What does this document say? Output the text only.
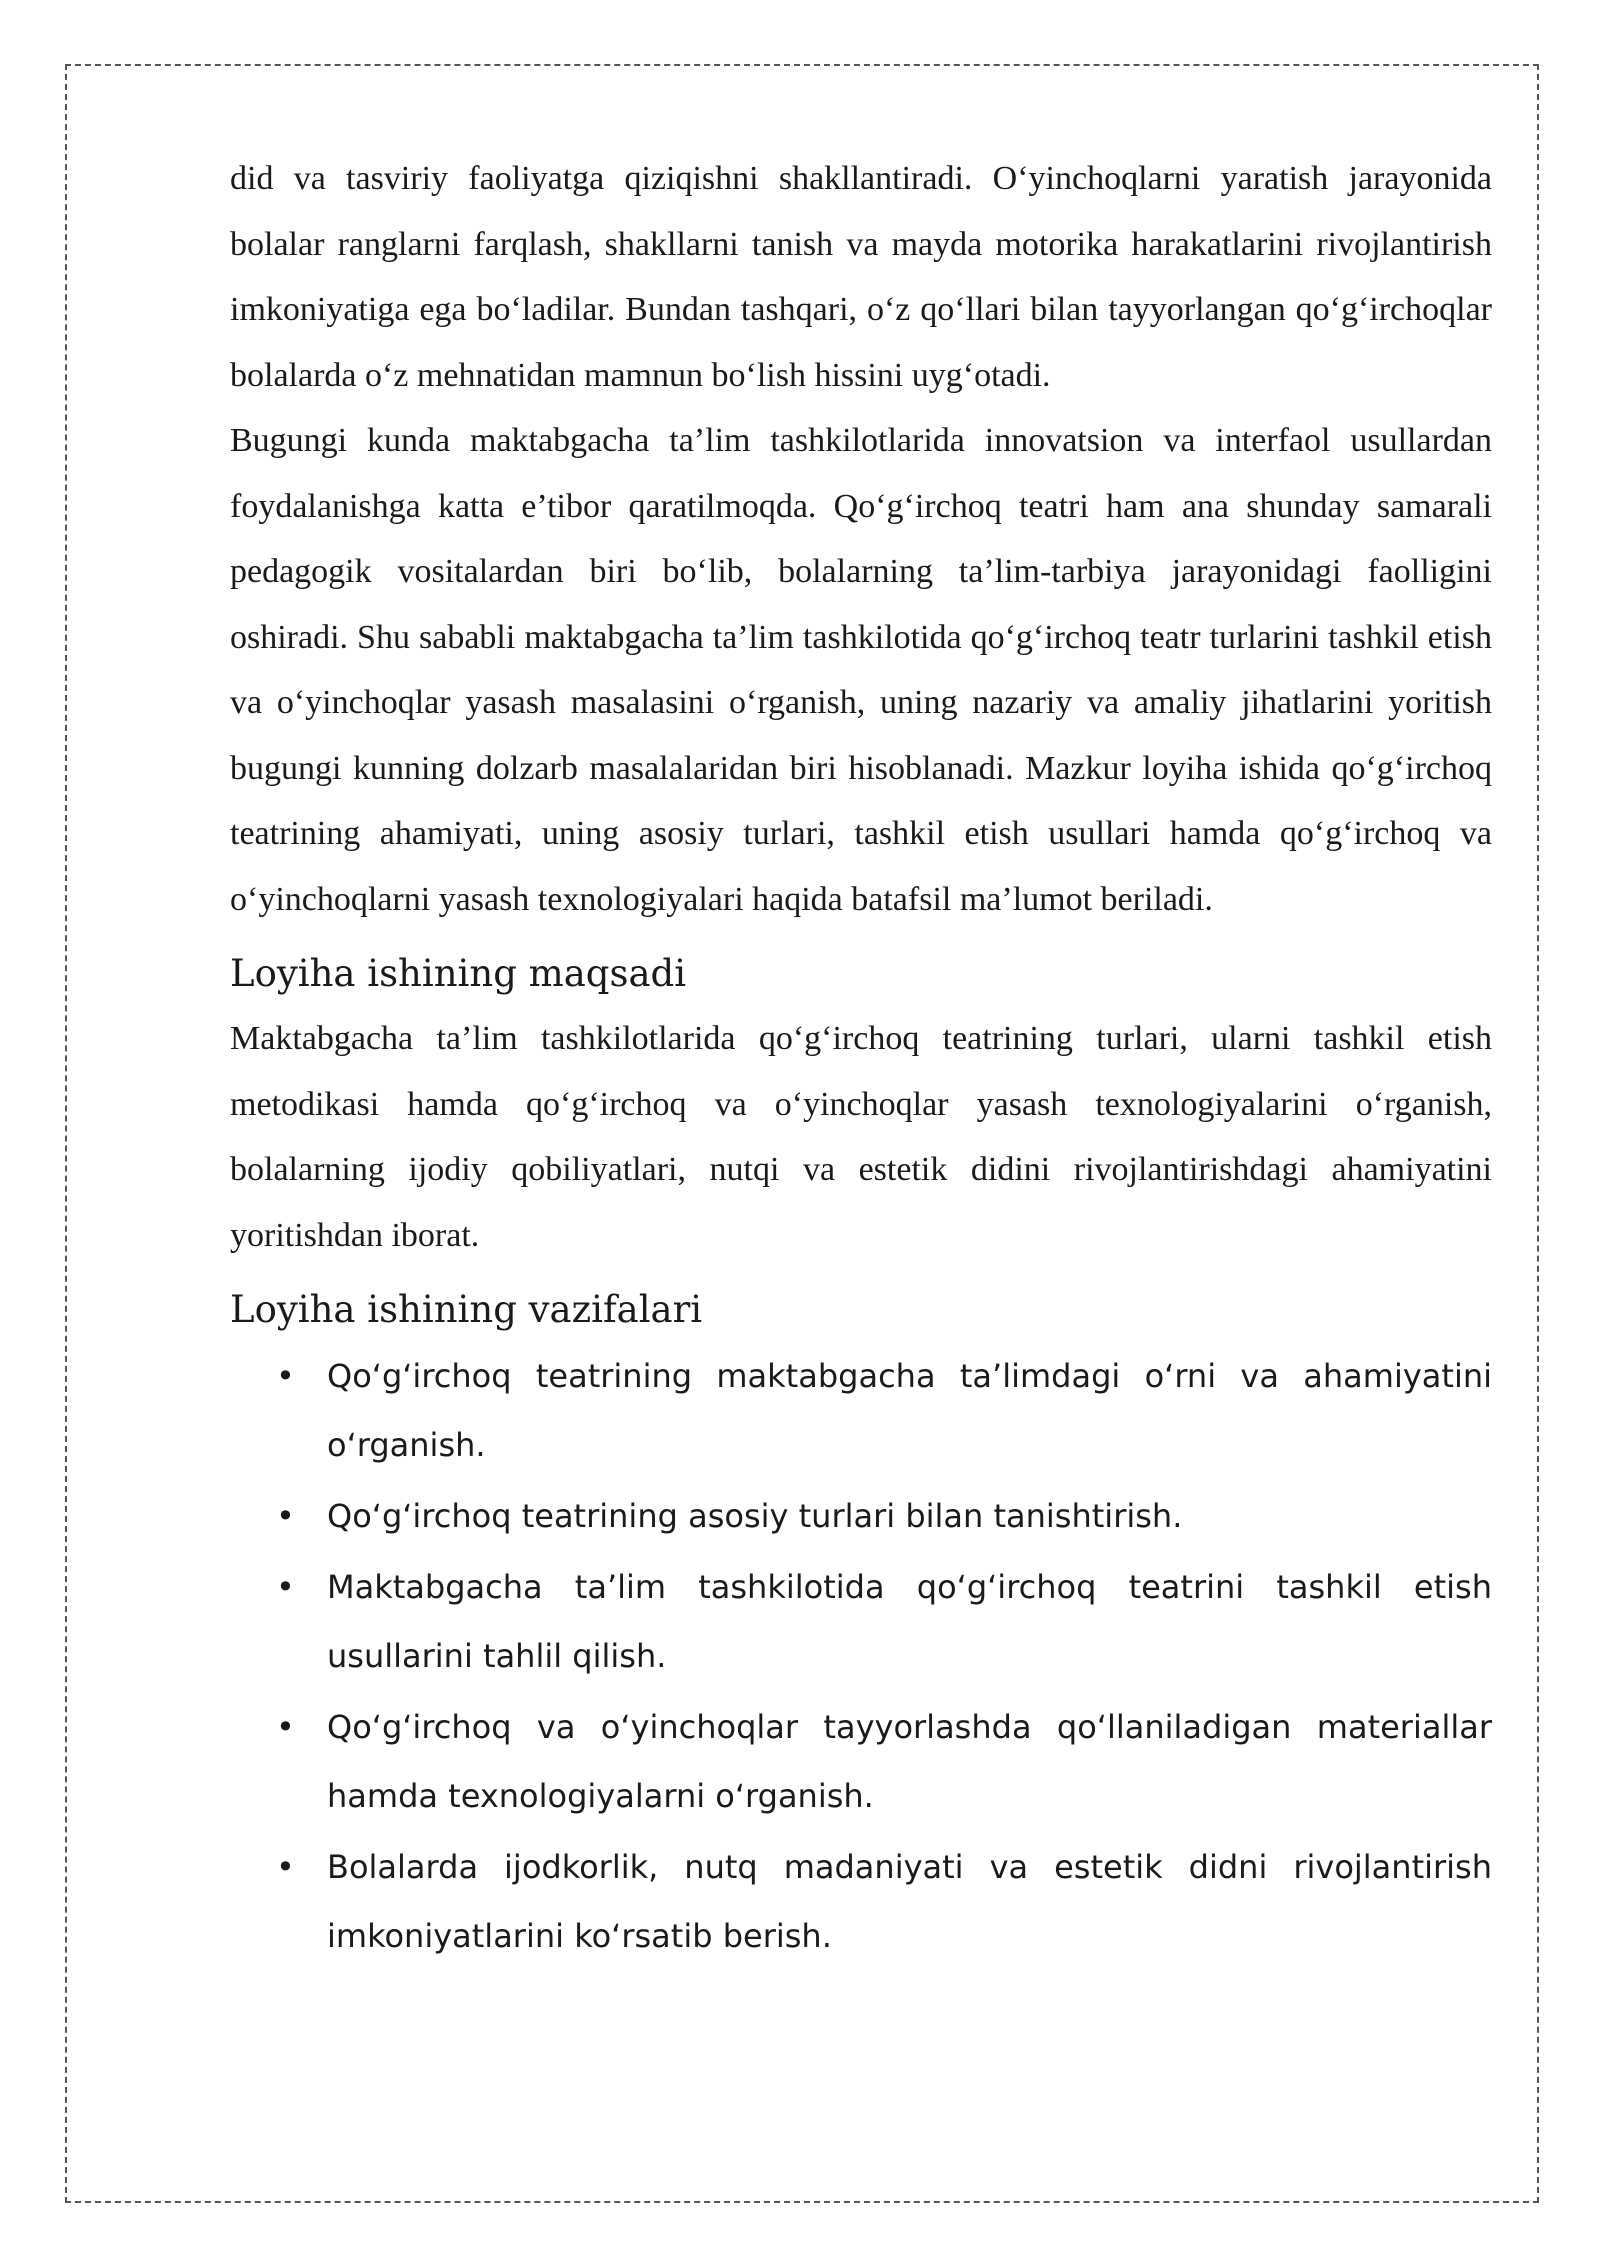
did va tasviriy faoliyatga qiziqishni shakllantiradi. O‘yinchoqlarni yaratish jarayonida bolalar ranglarni farqlash, shakllarni tanish va mayda motorika harakatlarini rivojlantirish imkoniyatiga ega bo‘ladilar. Bundan tashqari, o‘z qo‘llari bilan tayyorlangan qo‘g‘irchoqlar bolalarda o‘z mehnatidan mamnun bo‘lish hissini uyg‘otadi.

Bugungi kunda maktabgacha ta’lim tashkilotlarida innovatsion va interfaol usullardan foydalanishga katta e’tibor qaratilmoqda. Qo‘g‘irchoq teatri ham ana shunday samarali pedagogik vositalardan biri bo‘lib, bolalarning ta’lim-tarbiya jarayonidagi faolligini oshiradi. Shu sababli maktabgacha ta’lim tashkilotida qo‘g‘irchoq teatr turlarini tashkil etish va o‘yinchoqlar yasash masalasini o‘rganish, uning nazariy va amaliy jihatlarini yoritish bugungi kunning dolzarb masalalaridan biri hisoblanadi. Mazkur loyiha ishida qo‘g‘irchoq teatrining ahamiyati, uning asosiy turlari, tashkil etish usullari hamda qo‘g‘irchoq va o‘yinchoqlarni yasash texnologiyalari haqida batafsil ma’lumot beriladi.

Loyiha ishining maqsadi

Maktabgacha ta’lim tashkilotlarida qo‘g‘irchoq teatrining turlari, ularni tashkil etish metodikasi hamda qo‘g‘irchoq va o‘yinchoqlar yasash texnologiyalarini o‘rganish, bolalarning ijodiy qobiliyatlari, nutqi va estetik didini rivojlantirishdagi ahamiyatini yoritishdan iborat.

Loyiha ishining vazifalari
• Qoʻgʻirchoq teatrining maktabgacha ta’limdagi oʻrni va ahamiyatini oʻrganish.
• Qoʻgʻirchoq teatrining asosiy turlari bilan tanishtirish.
• Maktabgacha ta’lim tashkilotida qoʻgʻirchoq teatrini tashkil etish usullarini tahlil qilish.
• Qoʻgʻirchoq va oʻyinchoqlar tayyorlashda qoʻllaniladigan materiallar hamda texnologiyalarni oʻrganish.
• Bolalarda ijodkorlik, nutq madaniyati va estetik didni rivojlantirish imkoniyatlarini koʻrsatib berish.
